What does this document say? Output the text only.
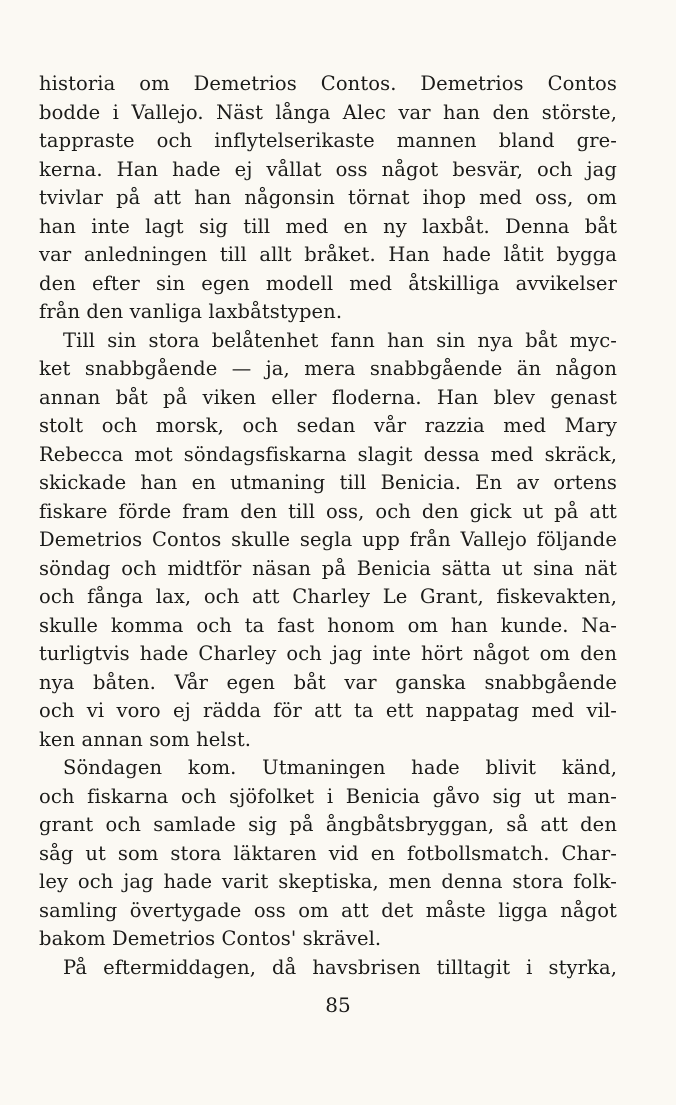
historia om Demetrios Contos. Demetrios Contos
bodde i Vallejo. Näst långa Alec var han den störste,
tappraste och inflytelserikaste mannen bland gre-
kerna. Han hade ej vållat oss något besvär, och jag
tvivlar på att han någonsin törnat ihop med oss, om
han inte lagt sig till med en ny laxbåt. Denna båt
var anledningen till allt bråket. Han hade låtit bygga
den efter sin egen modell med åtskilliga avvikelser
från den vanliga laxbåtstypen.
Till sin stora belåtenhet fann han sin nya båt myc-
ket snabbgående — ja, mera snabbgående än någon
annan båt på viken eller floderna. Han blev genast
stolt och morsk, och sedan vår razzia med Mary
Rebecca mot söndagsfiskarna slagit dessa med skräck,
skickade han en utmaning till Benicia. En av ortens
fiskare förde fram den till oss, och den gick ut på att
Demetrios Contos skulle segla upp från Vallejo följande
söndag och midtför näsan på Benicia sätta ut sina nät
och fånga lax, och att Charley Le Grant, fiskevakten,
skulle komma och ta fast honom om han kunde. Na-
turligtvis hade Charley och jag inte hört något om den
nya båten. Vår egen båt var ganska snabbgående
och vi voro ej rädda för att ta ett nappatag med vil-
ken annan som helst.
Söndagen kom. Utmaningen hade blivit känd,
och fiskarna och sjöfolket i Benicia gåvo sig ut man-
grant och samlade sig på ångbåtsbryggan, så att den
såg ut som stora läktaren vid en fotbollsmatch. Char-
ley och jag hade varit skeptiska, men denna stora folk-
samling övertygade oss om att det måste ligga något
bakom Demetrios Contos' skrävel.
På eftermiddagen, då havsbrisen tilltagit i styrka,
85
